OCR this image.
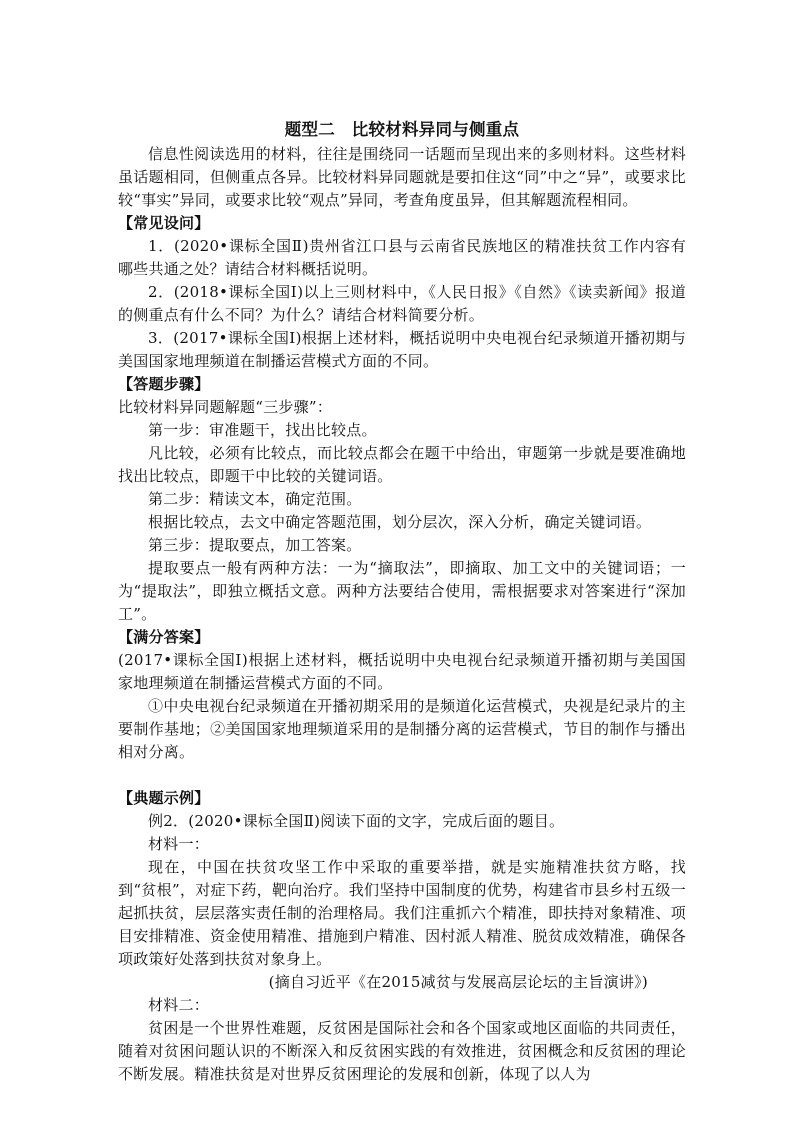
题型二　比较材料异同与侧重点

信息性阅读选用的材料，往往是围绕同一话题而呈现出来的多则材料。这些材料虽话题相同，但侧重点各异。比较材料异同题就是要扣住这“同”中之“异”，或要求比较“事实”异同，或要求比较“观点”异同，考查角度虽异，但其解题流程相同。

【常见设问】

1．(2020•课标全国Ⅱ)贵州省江口县与云南省民族地区的精准扶贫工作内容有哪些共通之处？请结合材料概括说明。

2．(2018•课标全国Ⅰ)以上三则材料中，《人民日报》《自然》《读卖新闻》报道的侧重点有什么不同？为什么？请结合材料简要分析。

3．(2017•课标全国Ⅰ)根据上述材料，概括说明中央电视台纪录频道开播初期与美国国家地理频道在制播运营模式方面的不同。

【答题步骤】

比较材料异同题解题“三步骤”：

第一步：审准题干，找出比较点。

凡比较，必须有比较点，而比较点都会在题干中给出，审题第一步就是要准确地找出比较点，即题干中比较的关键词语。

第二步：精读文本，确定范围。

根据比较点，去文中确定答题范围，划分层次，深入分析，确定关键词语。

第三步：提取要点，加工答案。

提取要点一般有两种方法：一为“摘取法”，即摘取、加工文中的关键词语；一为“提取法”，即独立概括文意。两种方法要结合使用，需根据要求对答案进行“深加工”。

【满分答案】

(2017•课标全国Ⅰ)根据上述材料，概括说明中央电视台纪录频道开播初期与美国国家地理频道在制播运营模式方面的不同。

①中央电视台纪录频道在开播初期采用的是频道化运营模式，央视是纪录片的主要制作基地；②美国国家地理频道采用的是制播分离的运营模式，节目的制作与播出相对分离。

【典题示例】

例2．(2020•课标全国Ⅱ)阅读下面的文字，完成后面的题目。

材料一：

现在，中国在扶贫攻坚工作中采取的重要举措，就是实施精准扶贫方略，找到“贫根”，对症下药，靶向治疗。我们坚持中国制度的优势，构建省市县乡村五级一起抓扶贫，层层落实责任制的治理格局。我们注重抓六个精准，即扶持对象精准、项目安排精准、资金使用精准、措施到户精准、因村派人精准、脱贫成效精准，确保各项政策好处落到扶贫对象身上。

(摘自习近平《在2015减贫与发展高层论坛的主旨演讲》)

材料二：

贫困是一个世界性难题，反贫困是国际社会和各个国家或地区面临的共同责任，随着对贫困问题认识的不断深入和反贫困实践的有效推进，贫困概念和反贫困的理论不断发展。精准扶贫是对世界反贫困理论的发展和创新，体现了以人为
